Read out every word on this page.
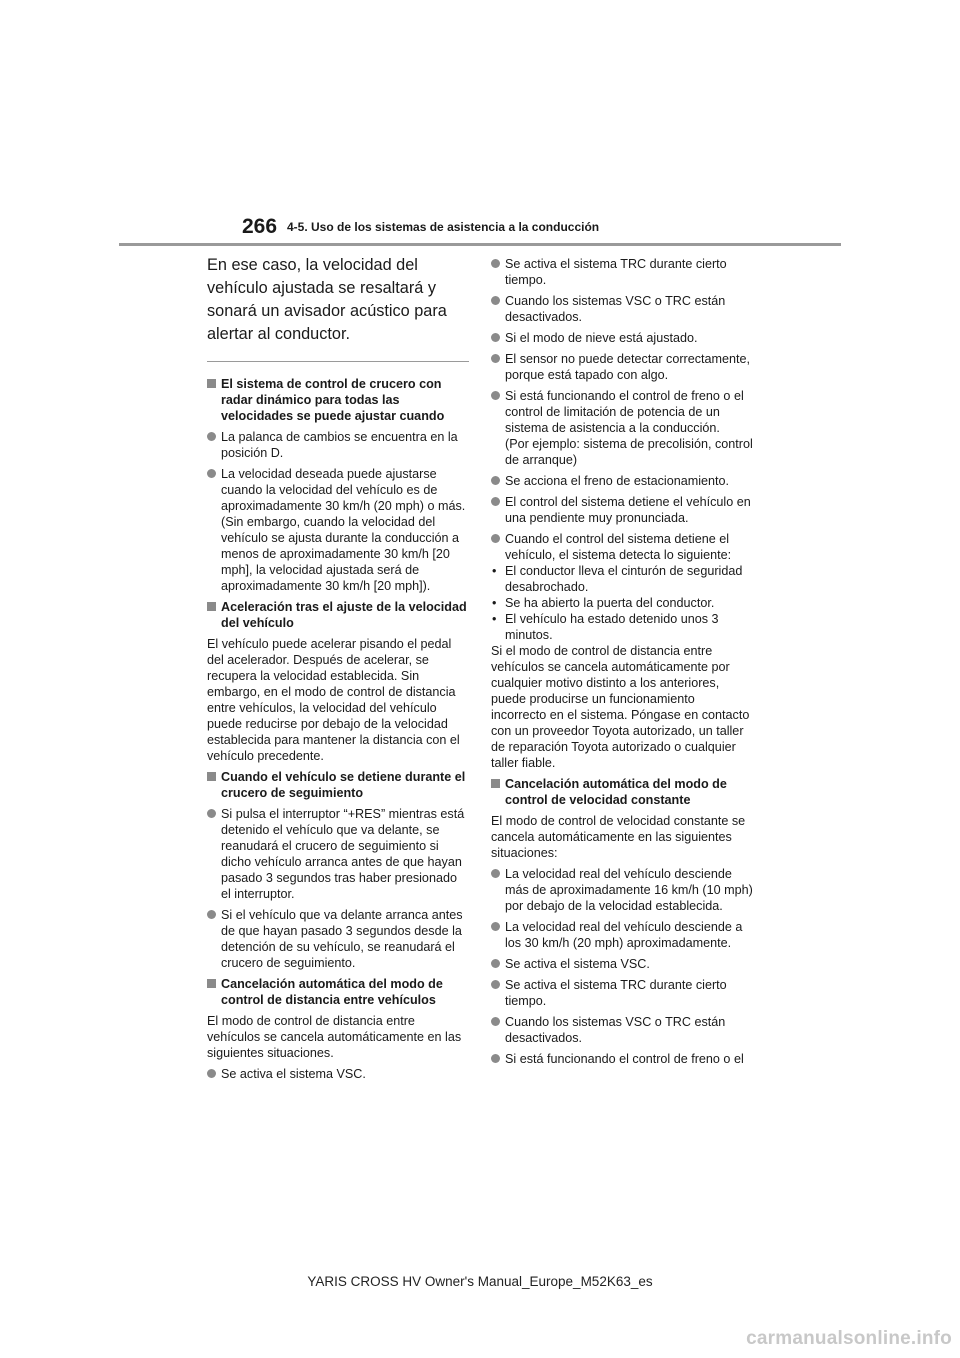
266 4-5. Uso de los sistemas de asistencia a la conducción

En ese caso, la velocidad del vehículo ajustada se resaltará y sonará un avisador acústico para alertar al conductor.

El sistema de control de crucero con radar dinámico para todas las velocidades se puede ajustar cuando

La palanca de cambios se encuentra en la posición D.

La velocidad deseada puede ajustarse cuando la velocidad del vehículo es de aproximadamente 30 km/h (20 mph) o más.
(Sin embargo, cuando la velocidad del vehículo se ajusta durante la conducción a menos de aproximadamente 30 km/h [20 mph], la velocidad ajustada será de aproximadamente 30 km/h [20 mph]).

Aceleración tras el ajuste de la velocidad del vehículo

El vehículo puede acelerar pisando el pedal del acelerador. Después de acelerar, se recupera la velocidad establecida. Sin embargo, en el modo de control de distancia entre vehículos, la velocidad del vehículo puede reducirse por debajo de la velocidad establecida para mantener la distancia con el vehículo precedente.

Cuando el vehículo se detiene durante el crucero de seguimiento

Si pulsa el interruptor “+RES” mientras está detenido el vehículo que va delante, se reanudará el crucero de seguimiento si dicho vehículo arranca antes de que hayan pasado 3 segundos tras haber presionado el interruptor.

Si el vehículo que va delante arranca antes de que hayan pasado 3 segundos desde la detención de su vehículo, se reanudará el crucero de seguimiento.

Cancelación automática del modo de control de distancia entre vehículos

El modo de control de distancia entre vehículos se cancela automáticamente en las siguientes situaciones.

Se activa el sistema VSC.

Se activa el sistema TRC durante cierto tiempo.

Cuando los sistemas VSC o TRC están desactivados.

Si el modo de nieve está ajustado.

El sensor no puede detectar correctamente, porque está tapado con algo.

Si está funcionando el control de freno o el control de limitación de potencia de un sistema de asistencia a la conducción.
(Por ejemplo: sistema de precolisión, control de arranque)

Se acciona el freno de estacionamiento.

El control del sistema detiene el vehículo en una pendiente muy pronunciada.

Cuando el control del sistema detiene el vehículo, el sistema detecta lo siguiente:

• El conductor lleva el cinturón de seguridad desabrochado.
• Se ha abierto la puerta del conductor.
• El vehículo ha estado detenido unos 3 minutos.

Si el modo de control de distancia entre vehículos se cancela automáticamente por cualquier motivo distinto a los anteriores, puede producirse un funcionamiento incorrecto en el sistema. Póngase en contacto con un proveedor Toyota autorizado, un taller de reparación Toyota autorizado o cualquier taller fiable.

Cancelación automática del modo de control de velocidad constante

El modo de control de velocidad constante se cancela automáticamente en las siguientes situaciones:

La velocidad real del vehículo desciende más de aproximadamente 16 km/h (10 mph) por debajo de la velocidad establecida.

La velocidad real del vehículo desciende a los 30 km/h (20 mph) aproximadamente.

Se activa el sistema VSC.

Se activa el sistema TRC durante cierto tiempo.

Cuando los sistemas VSC o TRC están desactivados.

Si está funcionando el control de freno o el

YARIS CROSS HV Owner's Manual_Europe_M52K63_es
carmanualsonline.info
